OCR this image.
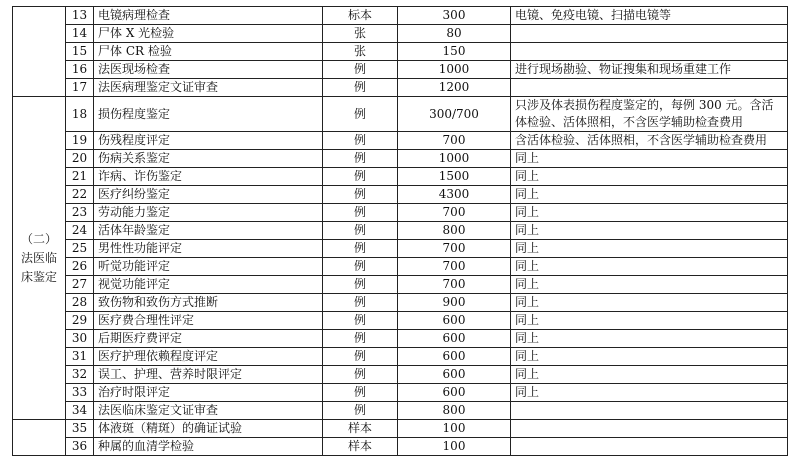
	13	电镜病理检查	标本	300	电镜、免疫电镜、扫描电镜等
	14	尸体 X 光检验	张	80	
	15	尸体 CR 检验	张	150	
	16	法医现场检查	例	1000	进行现场勘验、物证搜集和现场重建工作
	17	法医病理鉴定文证审查	例	1200	
（二）法医临床鉴定	18	损伤程度鉴定	例	300/700	只涉及体表损伤程度鉴定的，每例 300 元。含活体检验、活体照相，不含医学辅助检查费用
	19	伤残程度评定	例	700	含活体检验、活体照相，不含医学辅助检查费用
	20	伤病关系鉴定	例	1000	同上
	21	诈病、诈伤鉴定	例	1500	同上
	22	医疗纠纷鉴定	例	4300	同上
	23	劳动能力鉴定	例	700	同上
	24	活体年龄鉴定	例	800	同上
	25	男性性功能评定	例	700	同上
	26	听觉功能评定	例	700	同上
	27	视觉功能评定	例	700	同上
	28	致伤物和致伤方式推断	例	900	同上
	29	医疗费合理性评定	例	600	同上
	30	后期医疗费评定	例	600	同上
	31	医疗护理依赖程度评定	例	600	同上
	32	误工、护理、营养时限评定	例	600	同上
	33	治疗时限评定	例	600	同上
	34	法医临床鉴定文证审查	例	800	
	35	体液斑（精斑）的确证试验	样本	100	
	36	种属的血清学检验	样本	100	
